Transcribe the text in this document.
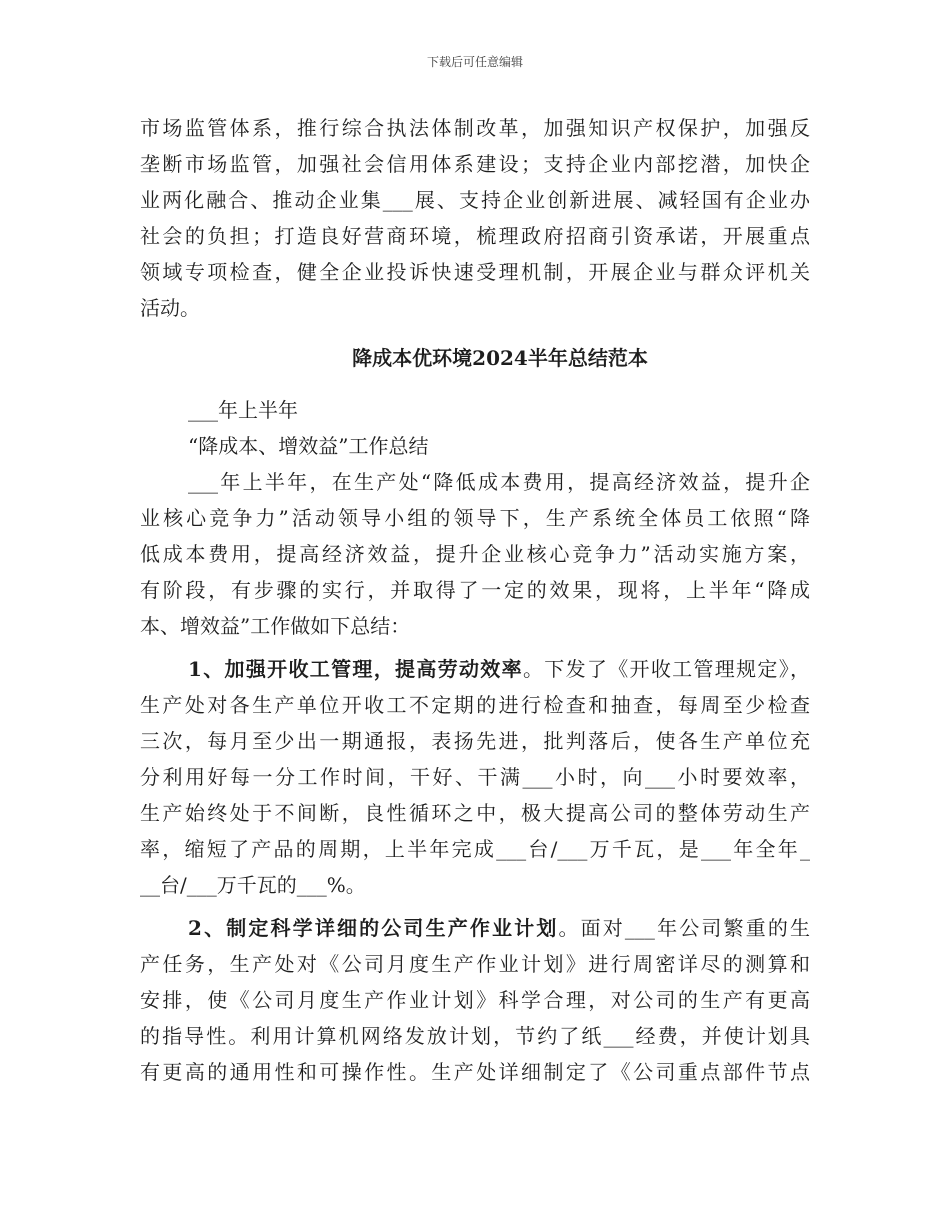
下载后可任意编辑
市场监管体系，推行综合执法体制改革，加强知识产权保护，加强反
垄断市场监管，加强社会信用体系建设；支持企业内部挖潜，加快企
业两化融合、推动企业集___展、支持企业创新进展、减轻国有企业办
社会的负担；打造良好营商环境，梳理政府招商引资承诺，开展重点
领域专项检查，健全企业投诉快速受理机制，开展企业与群众评机关
活动。
降成本优环境2024半年总结范本
___年上半年
“降成本、增效益”工作总结
___年上半年，在生产处“降低成本费用，提高经济效益，提升企
业核心竞争力”活动领导小组的领导下，生产系统全体员工依照“降
低成本费用，提高经济效益，提升企业核心竞争力”活动实施方案，
有阶段，有步骤的实行，并取得了一定的效果，现将，上半年“降成
本、增效益”工作做如下总结：
1、加强开收工管理，提高劳动效率。下发了《开收工管理规定》，
生产处对各生产单位开收工不定期的进行检查和抽查，每周至少检查
三次，每月至少出一期通报，表扬先进，批判落后，使各生产单位充
分利用好每一分工作时间，干好、干满___小时，向___小时要效率，
生产始终处于不间断，良性循环之中，极大提高公司的整体劳动生产
率，缩短了产品的周期，上半年完成___台/___万千瓦，是___年全年_
__台/___万千瓦的___%。
2、制定科学详细的公司生产作业计划。面对___年公司繁重的生
产任务，生产处对《公司月度生产作业计划》进行周密详尽的测算和
安排，使《公司月度生产作业计划》科学合理，对公司的生产有更高
的指导性。利用计算机网络发放计划，节约了纸___经费，并使计划具
有更高的通用性和可操作性。生产处详细制定了《公司重点部件节点
